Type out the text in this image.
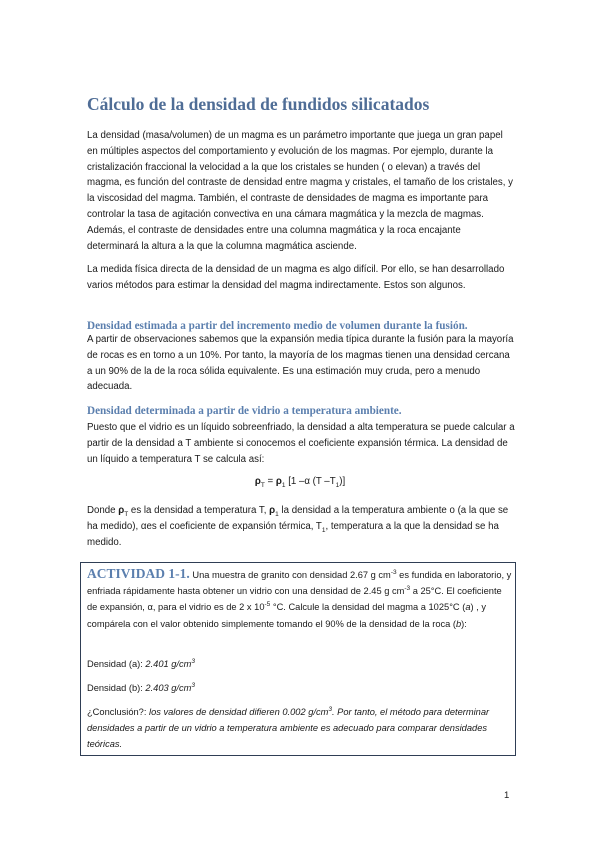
Cálculo de la densidad de fundidos silicatados

La densidad (masa/volumen) de un magma es un parámetro importante que juega un gran papel en múltiples aspectos del comportamiento y evolución de los magmas. Por ejemplo, durante la cristalización fraccional la velocidad a la que los cristales se hunden ( o elevan) a través del magma, es función del contraste de densidad entre magma y cristales, el tamaño de los cristales, y la viscosidad del magma. También, el contraste de densidades de magma es importante para controlar la tasa de agitación convectiva en una cámara magmática y la mezcla de magmas. Además, el contraste de densidades entre una columna magmática y la roca encajante determinará la altura a la que la columna magmática asciende.

La medida física directa de la densidad de un magma es algo difícil. Por ello, se han desarrollado varios métodos para estimar la densidad del magma indirectamente. Estos son algunos.

Densidad estimada a partir del incremento medio de volumen durante la fusión.

A partir de observaciones sabemos que la expansión media típica durante la fusión para la mayoría de rocas es en torno a un 10%. Por tanto, la mayoría de los magmas tienen una densidad cercana a un 90% de la de la roca sólida equivalente. Es una estimación muy cruda, pero a menudo adecuada.

Densidad determinada a partir de vidrio a temperatura ambiente.

Puesto que el vidrio es un líquido sobreenfriado, la densidad a alta temperatura se puede calcular a partir de la densidad a T ambiente si conocemos el coeficiente expansión térmica. La densidad de un líquido a temperatura T se calcula así:

$\rho_T = \rho_1$ [1 –α (T $-T_1$)]

Donde $\rho_T$ es la densidad a temperatura T, $\rho_1$ la densidad a la temperatura ambiente o (a la que se ha medido), αes el coeficiente de expansión térmica, $T_1$, temperatura a la que la densidad se ha medido.

ACTIVIDAD 1-1. Una muestra de granito con densidad 2.67 g $cm^{-3}$ es fundida en laboratorio, y enfriada rápidamente hasta obtener un vidrio con una densidad de 2.45 g $cm^{-3}$ a 25°C. El coeficiente de expansión, α, para el vidrio es de 2 x $10^{-5}$ °C. Calcule la densidad del magma a 1025°C (a) , y compárela con el valor obtenido simplemente tomando el 90% de la densidad de la roca (b):

Densidad (a): 2.401 $g/cm^3$

Densidad (b): 2.403 $g/cm^3$

¿Conclusión?: los valores de densidad difieren 0.002 $g/cm^3$. Por tanto, el método para determinar densidades a partir de un vidrio a temperatura ambiente es adecuado para comparar densidades teóricas.

1
